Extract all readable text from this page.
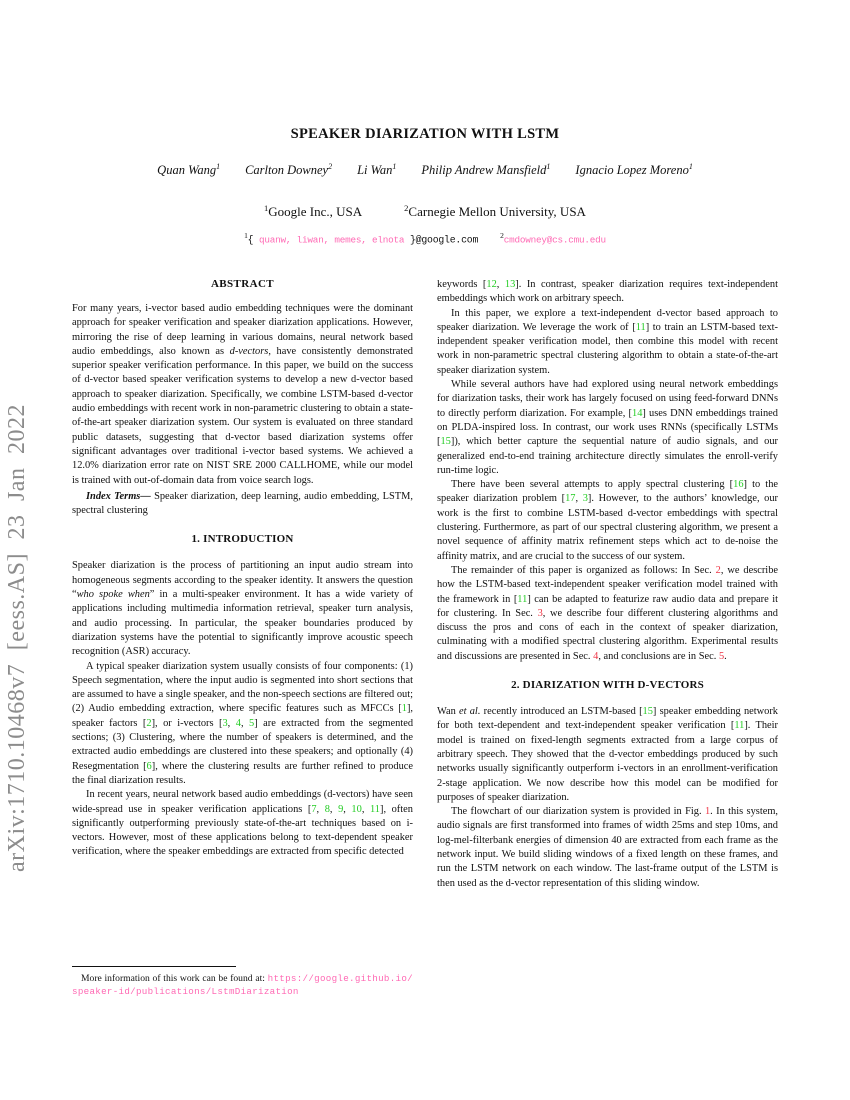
arXiv:1710.10468v7 [eess.AS] 23 Jan 2022
SPEAKER DIARIZATION WITH LSTM
Quan Wang$^1$ Carlton Downey$^2$ Li Wan$^1$ Philip Andrew Mansfield$^1$ Ignacio Lopez Moreno$^1$
$^1$Google Inc., USA	$^2$Carnegie Mellon University, USA
$^1${ quanw, liwan, memes, elnota }@google.com	$^2$cmdowney@cs.cmu.edu
ABSTRACT

For many years, i-vector based audio embedding techniques were the dominant approach for speaker verification and speaker diarization applications. However, mirroring the rise of deep learning in various domains, neural network based audio embeddings, also known as d-vectors, have consistently demonstrated superior speaker verification performance. In this paper, we build on the success of d-vector based speaker verification systems to develop a new d-vector based approach to speaker diarization. Specifically, we combine LSTM-based d-vector audio embeddings with recent work in non-parametric clustering to obtain a state-of-the-art speaker diarization system. Our system is evaluated on three standard public datasets, suggesting that d-vector based diarization systems offer significant advantages over traditional i-vector based systems. We achieved a 12.0% diarization error rate on NIST SRE 2000 CALLHOME, while our model is trained with out-of-domain data from voice search logs.

Index Terms— Speaker diarization, deep learning, audio embedding, LSTM, spectral clustering

1. INTRODUCTION

Speaker diarization is the process of partitioning an input audio stream into homogeneous segments according to the speaker identity. It answers the question “who spoke when” in a multi-speaker environment. It has a wide variety of applications including multimedia information retrieval, speaker turn analysis, and audio processing. In particular, the speaker boundaries produced by diarization systems have the potential to significantly improve acoustic speech recognition (ASR) accuracy.

A typical speaker diarization system usually consists of four components: (1) Speech segmentation, where the input audio is segmented into short sections that are assumed to have a single speaker, and the non-speech sections are filtered out; (2) Audio embedding extraction, where specific features such as MFCCs [1], speaker factors [2], or i-vectors [3, 4, 5] are extracted from the segmented sections; (3) Clustering, where the number of speakers is determined, and the extracted audio embeddings are clustered into these speakers; and optionally (4) Resegmentation [6], where the clustering results are further refined to produce the final diarization results.

In recent years, neural network based audio embeddings (d-vectors) have seen wide-spread use in speaker verification applications [7, 8, 9, 10, 11], often significantly outperforming previously state-of-the-art techniques based on i-vectors. However, most of these applications belong to text-dependent speaker verification, where the speaker embeddings are extracted from specific detected

keywords [12, 13]. In contrast, speaker diarization requires text-independent embeddings which work on arbitrary speech.

In this paper, we explore a text-independent d-vector based approach to speaker diarization. We leverage the work of [11] to train an LSTM-based text-independent speaker verification model, then combine this model with recent work in non-parametric spectral clustering algorithm to obtain a state-of-the-art speaker diarization system.

While several authors have had explored using neural network embeddings for diarization tasks, their work has largely focused on using feed-forward DNNs to directly perform diarization. For example, [14] uses DNN embeddings trained on PLDA-inspired loss. In contrast, our work uses RNNs (specifically LSTMs [15]), which better capture the sequential nature of audio signals, and our generalized end-to-end training architecture directly simulates the enroll-verify run-time logic.

There have been several attempts to apply spectral clustering [16] to the speaker diarization problem [17, 3]. However, to the authors’ knowledge, our work is the first to combine LSTM-based d-vector embeddings with spectral clustering. Furthermore, as part of our spectral clustering algorithm, we present a novel sequence of affinity matrix refinement steps which act to de-noise the affinity matrix, and are crucial to the success of our system.

The remainder of this paper is organized as follows: In Sec. 2, we describe how the LSTM-based text-independent speaker verification model trained with the framework in [11] can be adapted to featurize raw audio data and prepare it for clustering. In Sec. 3, we describe four different clustering algorithms and discuss the pros and cons of each in the context of speaker diarization, culminating with a modified spectral clustering algorithm. Experimental results and discussions are presented in Sec. 4, and conclusions are in Sec. 5.

2. DIARIZATION WITH D-VECTORS

Wan et al. recently introduced an LSTM-based [15] speaker embedding network for both text-dependent and text-independent speaker verification [11]. Their model is trained on fixed-length segments extracted from a large corpus of arbitrary speech. They showed that the d-vector embeddings produced by such networks usually significantly outperform i-vectors in an enrollment-verification 2-stage application. We now describe how this model can be modified for purposes of speaker diarization.

The flowchart of our diarization system is provided in Fig. 1. In this system, audio signals are first transformed into frames of width 25ms and step 10ms, and log-mel-filterbank energies of dimension 40 are extracted from each frame as the network input. We build sliding windows of a fixed length on these frames, and run the LSTM network on each window. The last-frame output of the LSTM is then used as the d-vector representation of this sliding window.

More information of this work can be found at: https://google.github.io/speaker-id/publications/LstmDiarization
